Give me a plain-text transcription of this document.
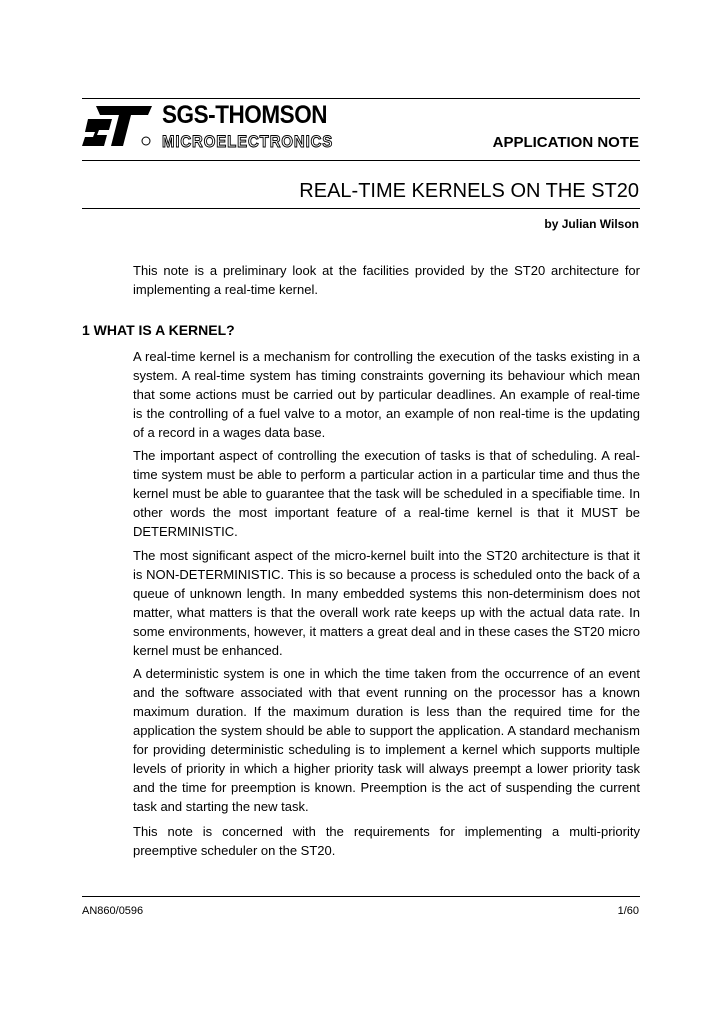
SGS-THOMSON
MICROELECTRONICS	APPLICATION NOTE
REAL-TIME KERNELS ON THE ST20
by Julian Wilson

This note is a preliminary look at the facilities provided by the ST20 architecture for implementing a real-time kernel.

1 WHAT IS A KERNEL?

A real-time kernel is a mechanism for controlling the execution of the tasks existing in a system. A real-time system has timing constraints governing its behaviour which mean that some actions must be carried out by particular deadlines. An example of real-time is the controlling of a fuel valve to a motor, an example of non real-time is the updating of a record in a wages data base.

The important aspect of controlling the execution of tasks is that of scheduling. A real-time system must be able to perform a particular action in a particular time and thus the kernel must be able to guarantee that the task will be scheduled in a specifiable time. In other words the most important feature of a real-time kernel is that it MUST be DETERMINISTIC.

The most significant aspect of the micro-kernel built into the ST20 architecture is that it is NON-DETERMINISTIC. This is so because a process is scheduled onto the back of a queue of unknown length. In many embedded systems this non-determinism does not matter, what matters is that the overall work rate keeps up with the actual data rate. In some environments, however, it matters a great deal and in these cases the ST20 micro kernel must be enhanced.

A deterministic system is one in which the time taken from the occurrence of an event and the software associated with that event running on the processor has a known maximum duration. If the maximum duration is less than the required time for the application the system should be able to support the application. A standard mechanism for providing deterministic scheduling is to implement a kernel which supports multiple levels of priority in which a higher priority task will always preempt a lower priority task and the time for preemption is known. Preemption is the act of suspending the current task and starting the new task.

This note is concerned with the requirements for implementing a multi-priority preemptive scheduler on the ST20.

AN860/0596	1/60
